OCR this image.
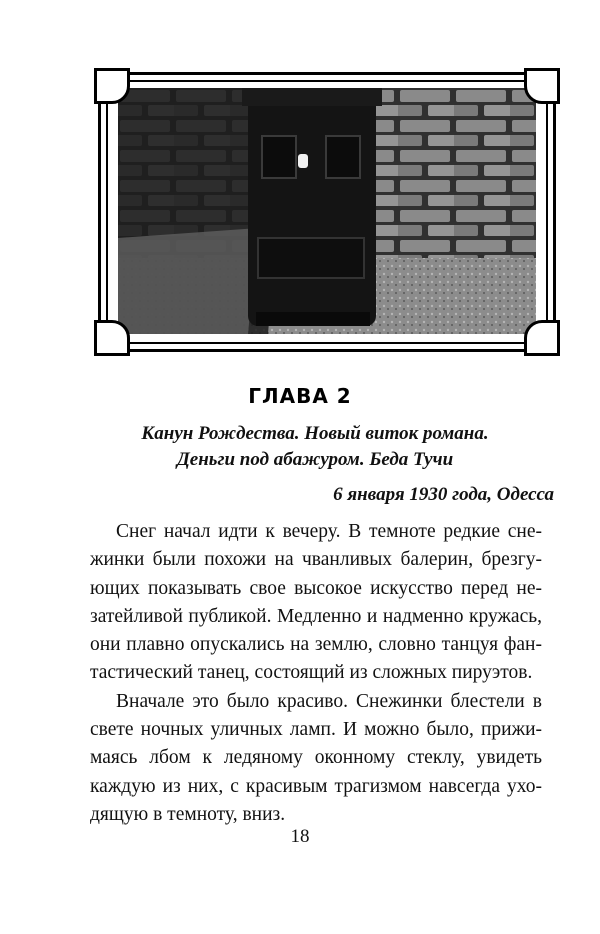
ГЛАВА 2
Канун Рождества. Новый виток романа.
Деньги под абажуром. Беда Тучи
6 января 1930 года, Одесса
Снег начал идти к вечеру. В темноте редкие сне-
жинки были похожи на чванливых балерин, брезгу-
ющих показывать свое высокое искусство перед не-
затейливой публикой. Медленно и надменно кружась,
они плавно опускались на землю, словно танцуя фан-
тастический танец, состоящий из сложных пируэтов.
Вначале это было красиво. Снежинки блестели в
свете ночных уличных ламп. И можно было, прижи-
маясь лбом к ледяному оконному стеклу, увидеть
каждую из них, с красивым трагизмом навсегда ухо-
дящую в темноту, вниз.
18
